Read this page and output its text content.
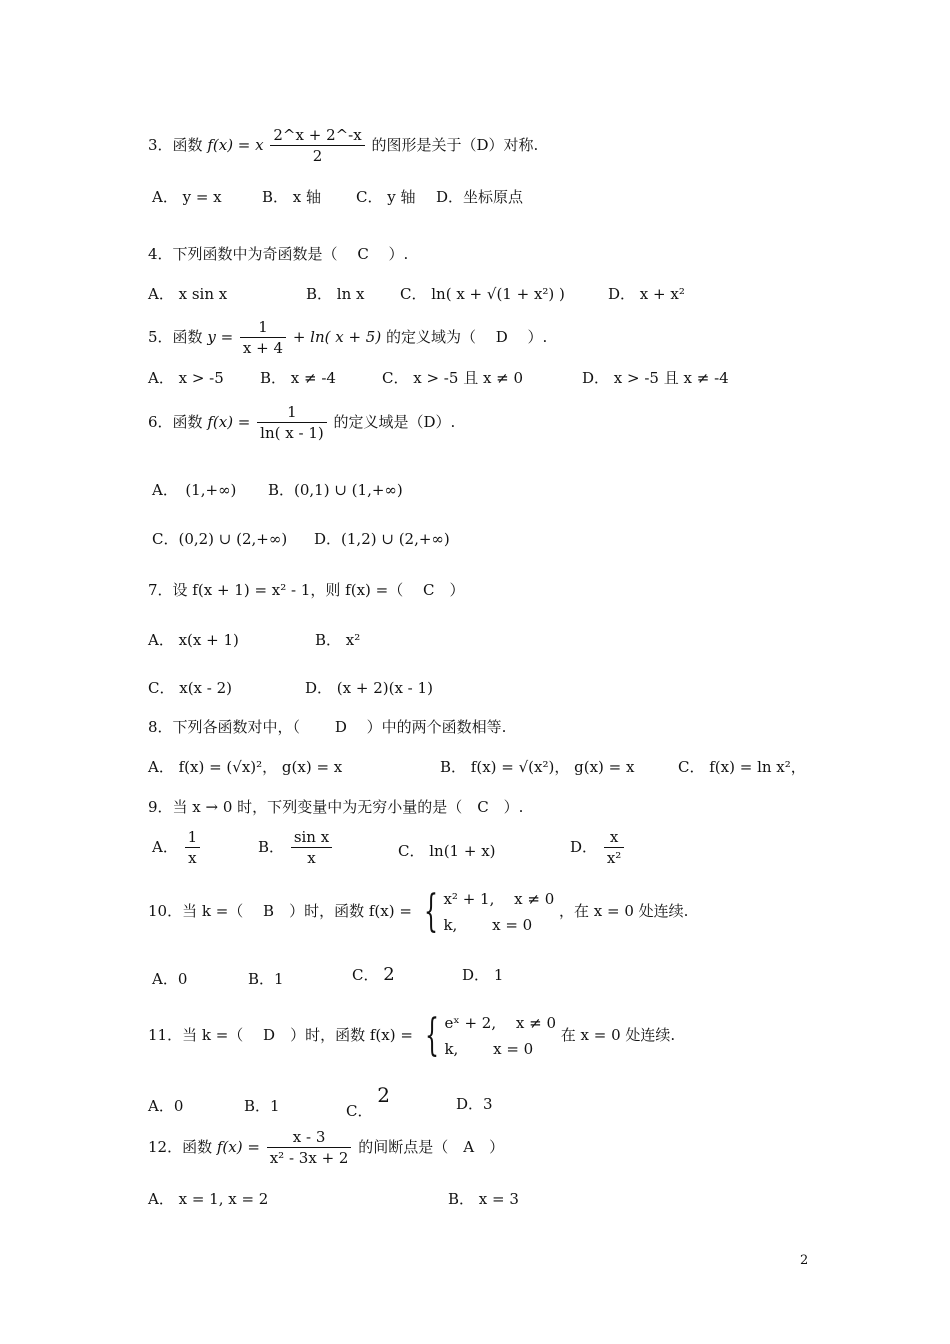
3．函数 f(x) = x $\frac{2\^{}x + 2\^{}-x}{2}$ 的图形是关于（D）对称.
A． y = x	B． x 轴 C． y 轴 D．坐标原点
4．下列函数中为奇函数是（　 C　 ）.
A． x sin x	B． ln x C． ln( x + √(1 + x²) )	D． x + x²
5．函数 $y = \frac{1}{x + 4} + \ln$( x + 5) 的定义域为（　 D　 ）.
A． x > -5 B． x ≠ -4	C． x > -5 且 x ≠ 0	D． x > -5 且 x ≠ -4
6．函数 $f(x) = \frac{1}{\ln( x - 1)}$ 的定义域是（D）.
A．　(1,+∞) B．(0,1) ∪ (1,+∞)
C．(0,2) ∪ (2,+∞) D．(1,2) ∪ (2,+∞)
7．设 f(x + 1) = x² - 1，则 f(x) =（　 C　）
A． x(x + 1)	B． x²
C． x(x - 2)	D． (x + 2)(x - 1)
8．下列各函数对中，（　　 D　 ）中的两个函数相等.
A． f(x) = (√x)²， g(x) = x	B． f(x) = √(x²)， g(x) = x	C． f(x) = ln x²，
9．当 x → 0 时，下列变量中为无穷小量的是（　C　）.
A． $\frac{1}{x}$	B． $\frac{\text{sin x}}{x}$	C． ln(1 + x)	D． $\frac{x}{\text{x²}}$
10．当 k =（　 B　）时，函数 f(x) = { x² + 1,　 x ≠ 0
k,　　 x = 0
，在 x = 0 处连续.
A．0	B．1	C． 2	D． 1
11．当 k =（　 D　）时，函数 f(x) = { eˣ + 2,　 x ≠ 0
k,　　 x = 0
在 x = 0 处连续.
A．0	B．1	C． 2	D．3
12．函数 $f(x) = \frac{x - 3}{\text{x² - 3x + 2}}$ 的间断点是（　A　）
A． x = 1, x = 2	B． x = 3
2
